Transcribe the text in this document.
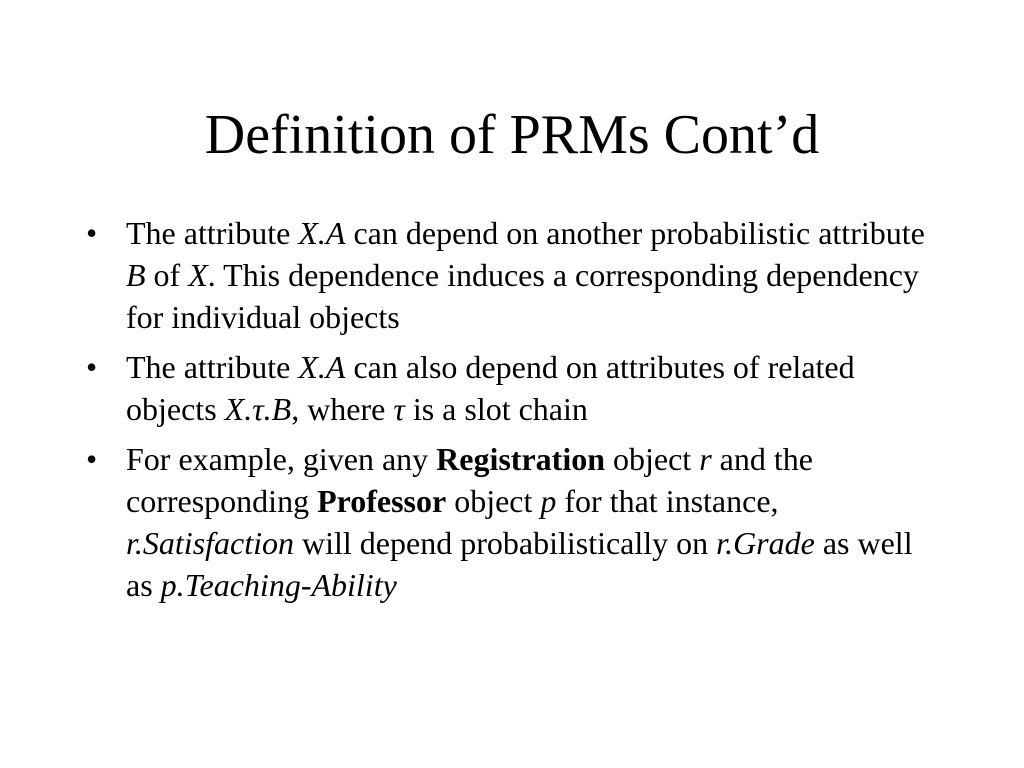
Definition of PRMs Cont’d
• The attribute X.A can depend on another probabilistic attribute B of X. This dependence induces a corresponding dependency for individual objects
• The attribute X.A can also depend on attributes of related objects X.τ.B, where τ is a slot chain
• For example, given any Registration object r and the corresponding Professor object p for that instance, r.Satisfaction will depend probabilistically on r.Grade as well as p.Teaching-Ability
